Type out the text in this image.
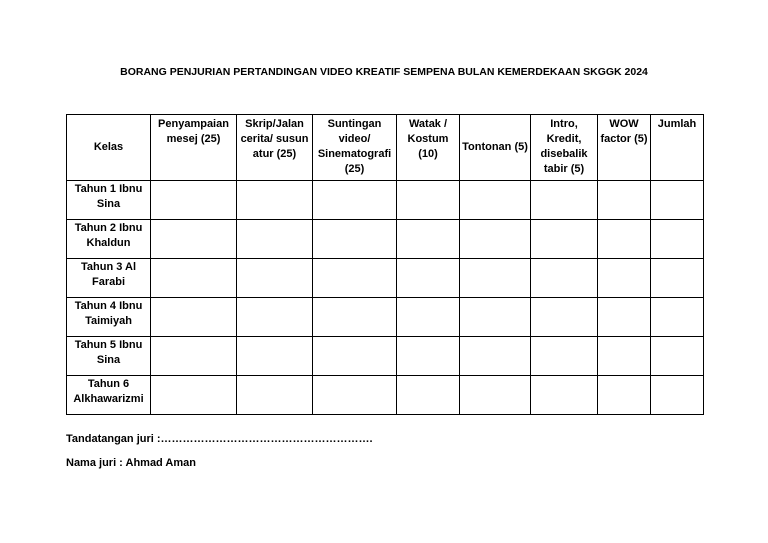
BORANG PENJURIAN PERTANDINGAN VIDEO KREATIF SEMPENA BULAN KEMERDEKAAN SKGGK 2024
Kelas	Penyampaian mesej (25)	Skrip/Jalan cerita/ susun atur (25)	Suntingan video/ Sinematografi (25)	Watak / Kostum (10)	Tontonan (5)	Intro, Kredit, disebalik tabir (5)	WOW factor (5)	Jumlah
Tahun 1 Ibnu Sina								
Tahun 2 Ibnu Khaldun								
Tahun 3 Al Farabi								
Tahun 4 Ibnu Taimiyah								
Tahun 5 Ibnu Sina								
Tahun 6 Alkhawarizmi								
Tandatangan juri :………………………………………………….
Nama juri : Ahmad Aman
